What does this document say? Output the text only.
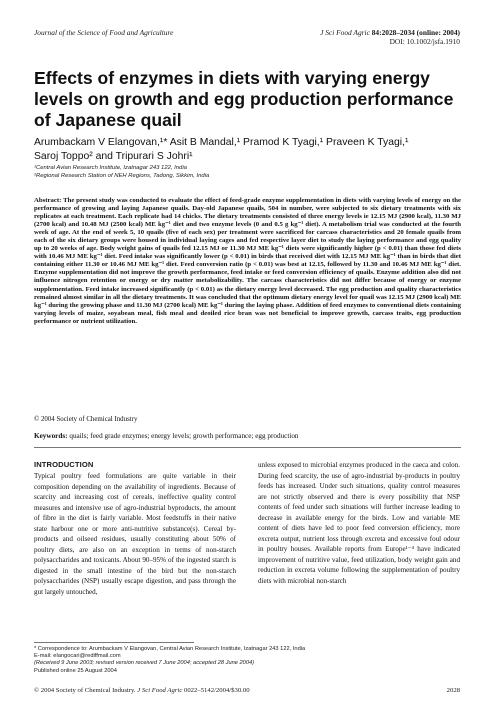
Journal of the Science of Food and Agriculture	J Sci Food Agric 84:2028–2034 (online: 2004)
DOI: 10.1002/jsfa.1910
Effects of enzymes in diets with varying energy levels on growth and egg production performance of Japanese quail
Arumbackam V Elangovan,¹* Asit B Mandal,¹ Pramod K Tyagi,¹ Praveen K Tyagi,¹
Saroj Toppo² and Tripurari S Johri¹
¹Central Avian Research Institute, Izatnagar 243 122, India
²Regional Research Station of NEH Regions, Tadong, Sikkim, India

Abstract: The present study was conducted to evaluate the effect of feed-grade enzyme supplementation in diets with varying levels of energy on the performance of growing and laying Japanese quails. Day-old Japanese quails, 504 in number, were subjected to six dietary treatments with six replicates at each treatment. Each replicate had 14 chicks. The dietary treatments consisted of three energy levels ie 12.15 MJ (2900 kcal), 11.30 MJ (2700 kcal) and 10.48 MJ (2500 kcal) ME kg⁻¹ diet and two enzyme levels (0 and 0.5 g kg⁻¹ diet). A metabolism trial was conducted at the fourth week of age. At the end of week 5, 10 quails (five of each sex) per treatment were sacrificed for carcass characteristics and 20 female quails from each of the six dietary groups were housed in individual laying cages and fed respective layer diet to study the laying performance and egg quality up to 20 weeks of age. Body weight gains of quails fed 12.15 MJ or 11.30 MJ ME kg⁻¹ diets were significantly higher (p < 0.01) than those fed diets with 10.46 MJ ME kg⁻¹ diet. Feed intake was significantly lower (p < 0.01) in birds that received diet with 12.15 MJ ME kg⁻¹ than in birds that diet containing either 11.30 or 10.46 MJ ME kg⁻¹ diet. Feed conversion ratio (p < 0.01) was best at 12.15, followed by 11.30 and 10.46 MJ ME kg⁻¹ diet. Enzyme supplementation did not improve the growth performance, feed intake or feed conversion efficiency of quails. Enzyme addition also did not influence nitrogen retention or energy or dry matter metabolizability. The carcass characteristics did not differ because of energy or enzyme supplementation. Feed intake increased significantly (p < 0.01) as the dietary energy level decreased. The egg production and quality characteristics remained almost similar in all the dietary treatments. It was concluded that the optimum dietary energy level for quail was 12.15 MJ (2900 kcal) ME kg⁻¹ during the growing phase and 11.30 MJ (2700 kcal) ME kg⁻¹ during the laying phase. Addition of feed enzymes to conventional diets containing varying levels of maize, soyabean meal, fish meal and deoiled rice bran was not beneficial to improve growth, carcass traits, egg production performance or nutrient utilization.

© 2004 Society of Chemical Industry
Keywords: quails; feed grade enzymes; energy levels; growth performance; egg production
INTRODUCTION

Typical poultry feed formulations are quite variable in their composition depending on the availability of ingredients. Because of scarcity and increasing cost of cereals, ineffective quality control measures and intensive use of agro-industrial byproducts, the amount of fibre in the diet is fairly variable. Most feedstuffs in their native state harbour one or more anti-nutritive substance(s). Cereal by-products and oilseed residues, usually constituting about 50% of poultry diets, are also on an exception in terms of non-starch polysaccharides and toxicants. About 90–95% of the ingested starch is digested in the small intestine of the bird but the non-starch polysaccharides (NSP) usually escape digestion, and pass through the gut largely untouched,

unless exposed to microbial enzymes produced in the caeca and colon. During feed scarcity, the use of agro-industrial by-products in poultry feeds has increased. Under such situations, quality control measures are not strictly observed and there is every possibility that NSP contents of feed under such situations will further increase leading to decrease in available energy for the birds. Low and variable ME content of diets have led to poor feed conversion efficiency, more excreta output, nutrient loss through excreta and excessive foul odour in poultry houses. Available reports from Europe¹⁻⁴ have indicated improvement of nutritive value, feed utilization, body weight gain and reduction in excreta volume following the supplementation of poultry diets with microbial non-starch

* Correspondence to: Arumbackam V Elangovan, Central Avian Research Institute, Izatnagar 243 122, India
E-mail: elangocari@rediffmail.com
(Received 9 June 2003; revised version received 7 June 2004; accepted 28 June 2004)
Published online 25 August 2004
© 2004 Society of Chemical Industry. J Sci Food Agric 0022–5142/2004/$30.00	2028
